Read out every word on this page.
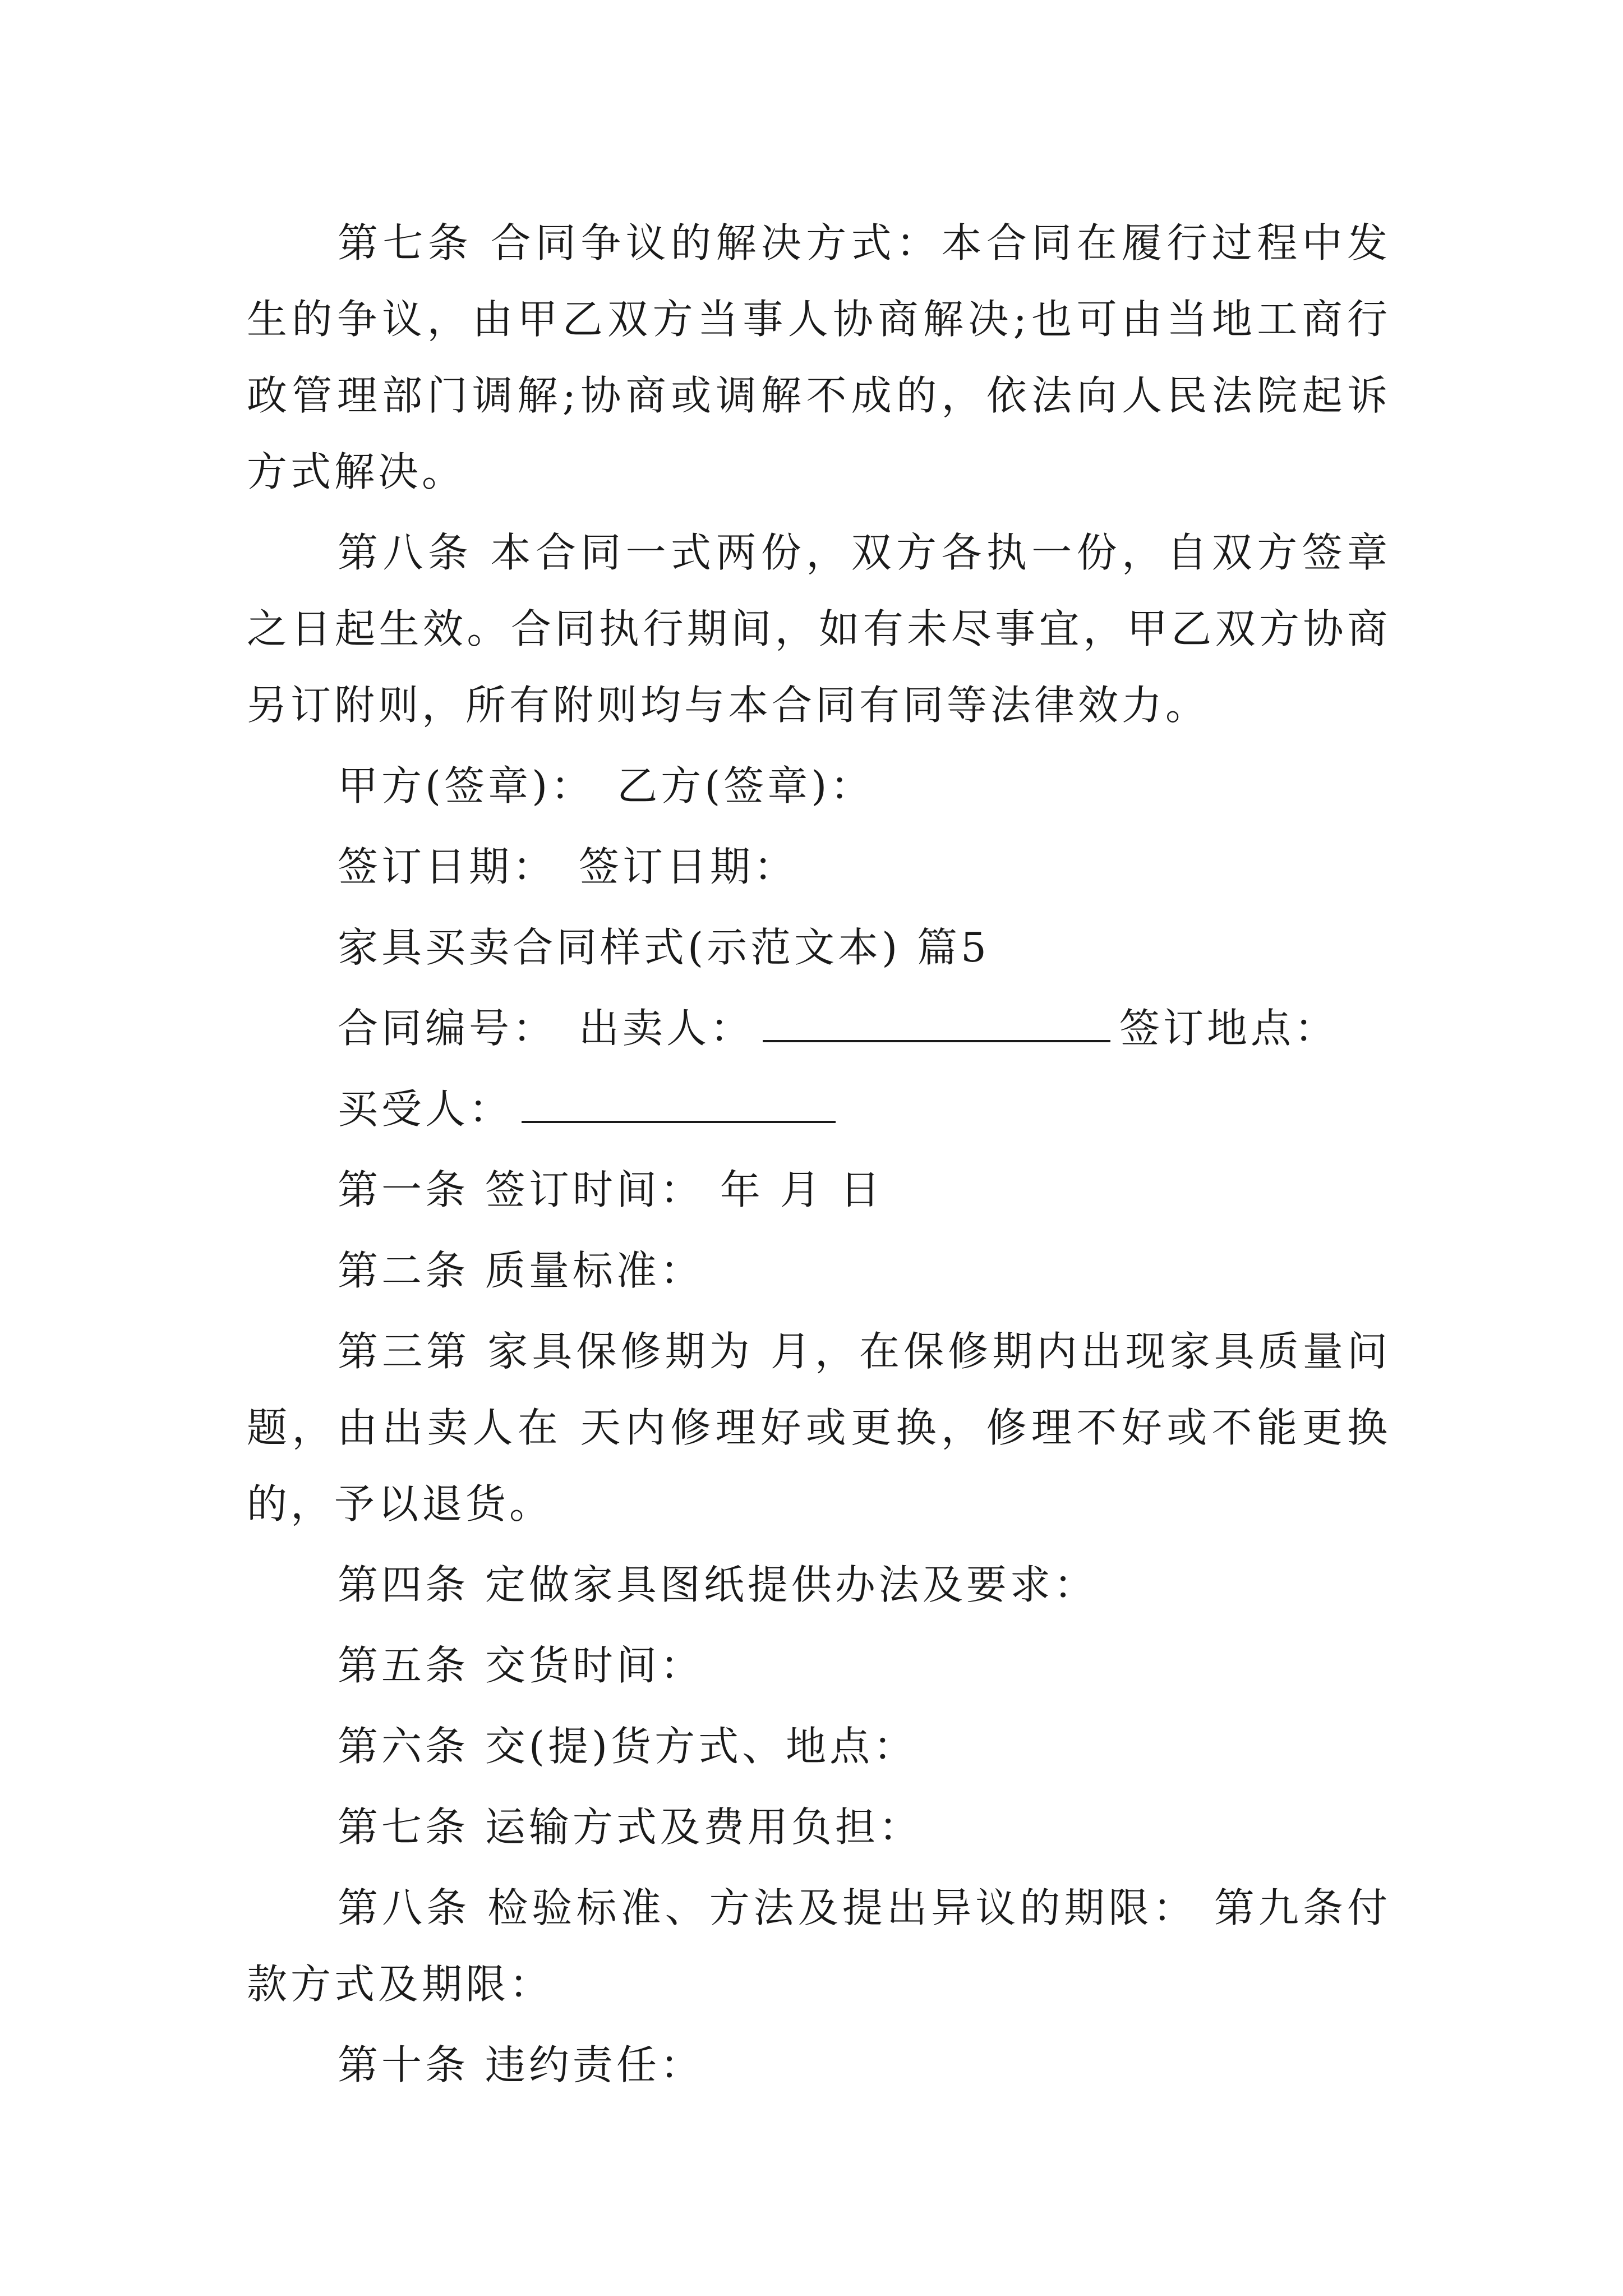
第七条 合同争议的解决方式：本合同在履行过程中发生的争议，由甲乙双方当事人协商解决;也可由当地工商行政管理部门调解;协商或调解不成的，依法向人民法院起诉方式解决。

第八条 本合同一式两份，双方各执一份，自双方签章之日起生效。合同执行期间，如有未尽事宜，甲乙双方协商另订附则，所有附则均与本合同有同等法律效力。

甲方(签章)： 乙方(签章)：

签订日期： 签订日期：

家具买卖合同样式(示范文本) 篇5

合同编号： 出卖人：	签订地点：

买受人：

第一条 签订时间： 年 月 日

第二条 质量标准：

第三第 家具保修期为 月，在保修期内出现家具质量问题，由出卖人在 天内修理好或更换，修理不好或不能更换的，予以退货。

第四条 定做家具图纸提供办法及要求：

第五条 交货时间：

第六条 交(提)货方式、地点：

第七条 运输方式及费用负担：

第八条 检验标准、方法及提出异议的期限： 第九条付款方式及期限：

第十条 违约责任：
